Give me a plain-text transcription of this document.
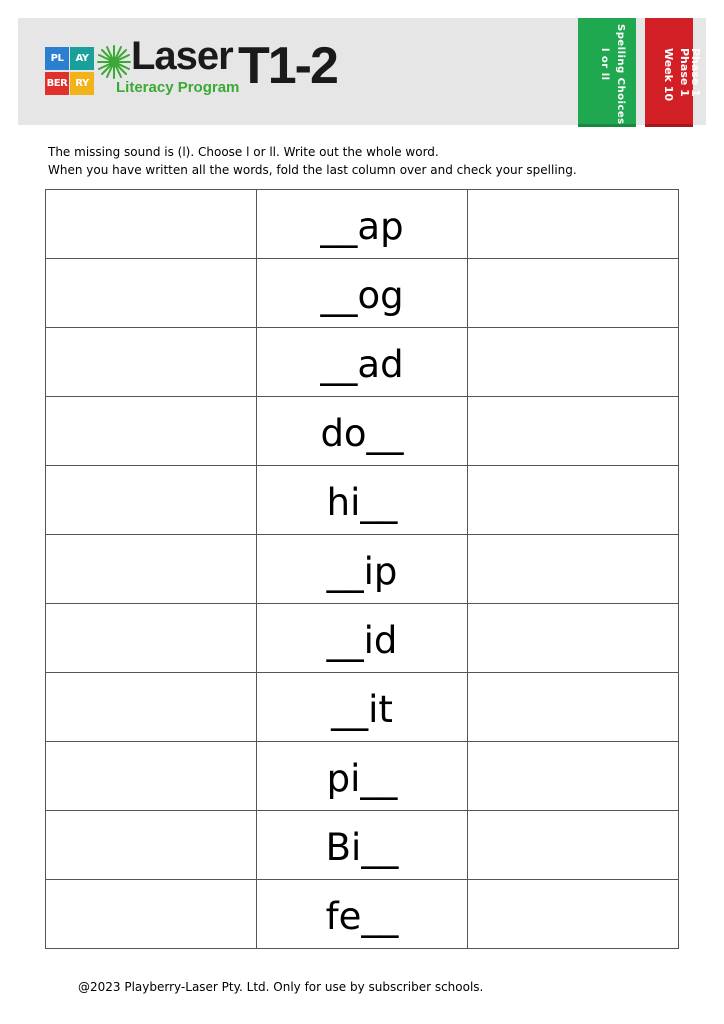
PL	AY
BER RY
Laser
Literacy Program
T1-2	Spelling Choices
l or ll	Phase 1
Phase 1
Week 10
The missing sound is (l). Choose l or ll. Write out the whole word.
When you have written all the words, fold the last column over and check your spelling.
	__ap	
	__og	
	__ad	
	do__	
	hi__	
	__ip	
	__id	
	__it	
	pi__	
	Bi__	
	fe__	
@2023 Playberry-Laser Pty. Ltd. Only for use by subscriber schools.
